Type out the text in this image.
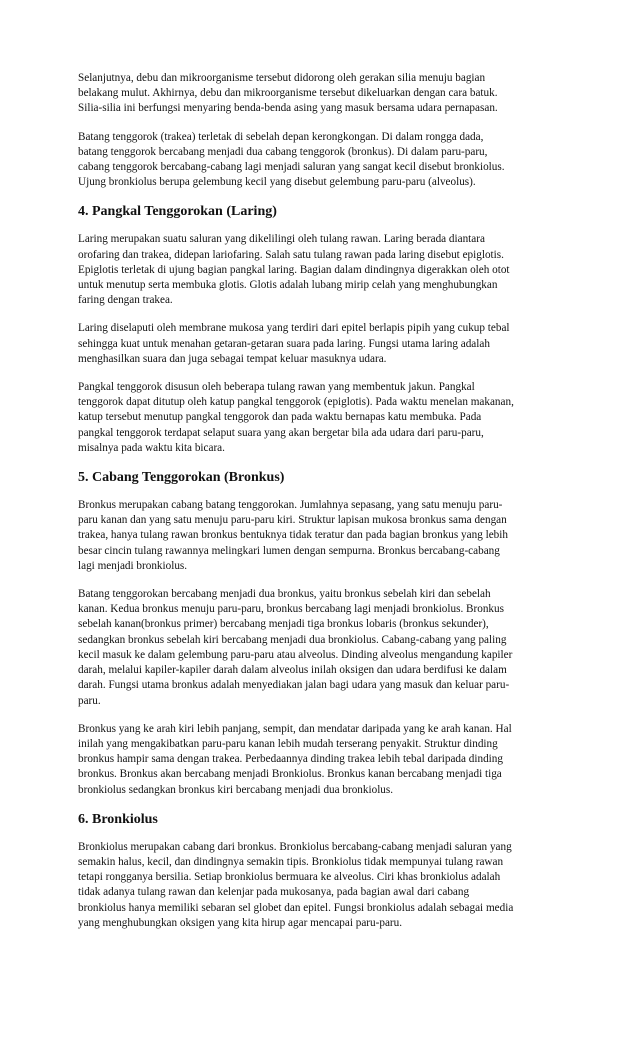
Selanjutnya, debu dan mikroorganisme tersebut didorong oleh gerakan silia menuju bagian
belakang mulut. Akhirnya, debu dan mikroorganisme tersebut dikeluarkan dengan cara batuk.
Silia-silia ini berfungsi menyaring benda-benda asing yang masuk bersama udara pernapasan.

Batang tenggorok (trakea) terletak di sebelah depan kerongkongan. Di dalam rongga dada,
batang tenggorok bercabang menjadi dua cabang tenggorok (bronkus). Di dalam paru-paru,
cabang tenggorok bercabang-cabang lagi menjadi saluran yang sangat kecil disebut bronkiolus.
Ujung bronkiolus berupa gelembung kecil yang disebut gelembung paru-paru (alveolus).

4. Pangkal Tenggorokan (Laring)

Laring merupakan suatu saluran yang dikelilingi oleh tulang rawan. Laring berada diantara
orofaring dan trakea, didepan lariofaring. Salah satu tulang rawan pada laring disebut epiglotis.
Epiglotis terletak di ujung bagian pangkal laring. Bagian dalam dindingnya digerakkan oleh otot
untuk menutup serta membuka glotis. Glotis adalah lubang mirip celah yang menghubungkan
faring dengan trakea.

Laring diselaputi oleh membrane mukosa yang terdiri dari epitel berlapis pipih yang cukup tebal
sehingga kuat untuk menahan getaran-getaran suara pada laring. Fungsi utama laring adalah
menghasilkan suara dan juga sebagai tempat keluar masuknya udara.

Pangkal tenggorok disusun oleh beberapa tulang rawan yang membentuk jakun. Pangkal
tenggorok dapat ditutup oleh katup pangkal tenggorok (epiglotis). Pada waktu menelan makanan,
katup tersebut menutup pangkal tenggorok dan pada waktu bernapas katu membuka. Pada
pangkal tenggorok terdapat selaput suara yang akan bergetar bila ada udara dari paru-paru,
misalnya pada waktu kita bicara.

5. Cabang Tenggorokan (Bronkus)

Bronkus merupakan cabang batang tenggorokan. Jumlahnya sepasang, yang satu menuju paru-
paru kanan dan yang satu menuju paru-paru kiri. Struktur lapisan mukosa bronkus sama dengan
trakea, hanya tulang rawan bronkus bentuknya tidak teratur dan pada bagian bronkus yang lebih
besar cincin tulang rawannya melingkari lumen dengan sempurna. Bronkus bercabang-cabang
lagi menjadi bronkiolus.

Batang tenggorokan bercabang menjadi dua bronkus, yaitu bronkus sebelah kiri dan sebelah
kanan. Kedua bronkus menuju paru-paru, bronkus bercabang lagi menjadi bronkiolus. Bronkus
sebelah kanan(bronkus primer) bercabang menjadi tiga bronkus lobaris (bronkus sekunder),
sedangkan bronkus sebelah kiri bercabang menjadi dua bronkiolus. Cabang-cabang yang paling
kecil masuk ke dalam gelembung paru-paru atau alveolus. Dinding alveolus mengandung kapiler
darah, melalui kapiler-kapiler darah dalam alveolus inilah oksigen dan udara berdifusi ke dalam
darah. Fungsi utama bronkus adalah menyediakan jalan bagi udara yang masuk dan keluar paru-
paru.

Bronkus yang ke arah kiri lebih panjang, sempit, dan mendatar daripada yang ke arah kanan. Hal
inilah yang mengakibatkan paru-paru kanan lebih mudah terserang penyakit. Struktur dinding
bronkus hampir sama dengan trakea. Perbedaannya dinding trakea lebih tebal daripada dinding
bronkus. Bronkus akan bercabang menjadi Bronkiolus. Bronkus kanan bercabang menjadi tiga
bronkiolus sedangkan bronkus kiri bercabang menjadi dua bronkiolus.

6. Bronkiolus

Bronkiolus merupakan cabang dari bronkus. Bronkiolus bercabang-cabang menjadi saluran yang
semakin halus, kecil, dan dindingnya semakin tipis. Bronkiolus tidak mempunyai tulang rawan
tetapi rongganya bersilia. Setiap bronkiolus bermuara ke alveolus. Ciri khas bronkiolus adalah
tidak adanya tulang rawan dan kelenjar pada mukosanya, pada bagian awal dari cabang
bronkiolus hanya memiliki sebaran sel globet dan epitel. Fungsi bronkiolus adalah sebagai media
yang menghubungkan oksigen yang kita hirup agar mencapai paru-paru.
